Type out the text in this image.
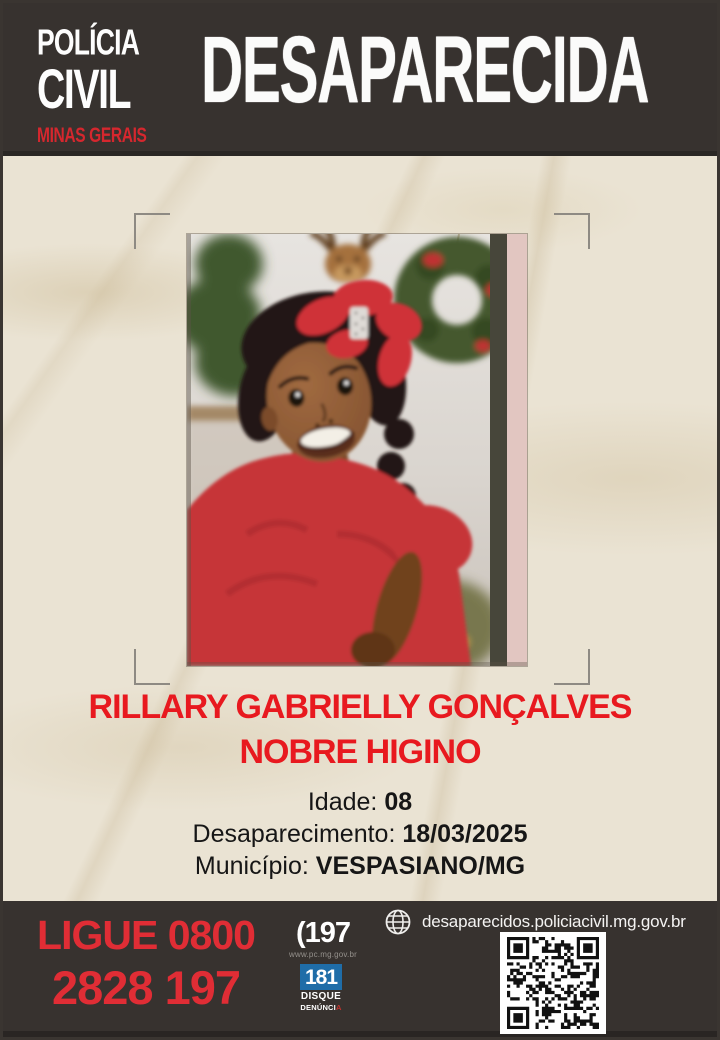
POLÍCIA
CIVIL
MINAS GERAIS
DESAPARECIDA
RILLARY GABRIELLY GONÇALVES
NOBRE HIGINO
Idade: 08
Desaparecimento: 18/03/2025
Município: VESPASIANO/MG
LIGUE 0800
2828 197
(197
www.pc.mg.gov.br
181
DISQUE
DENÚNCIA
desaparecidos.policiacivil.mg.gov.br
